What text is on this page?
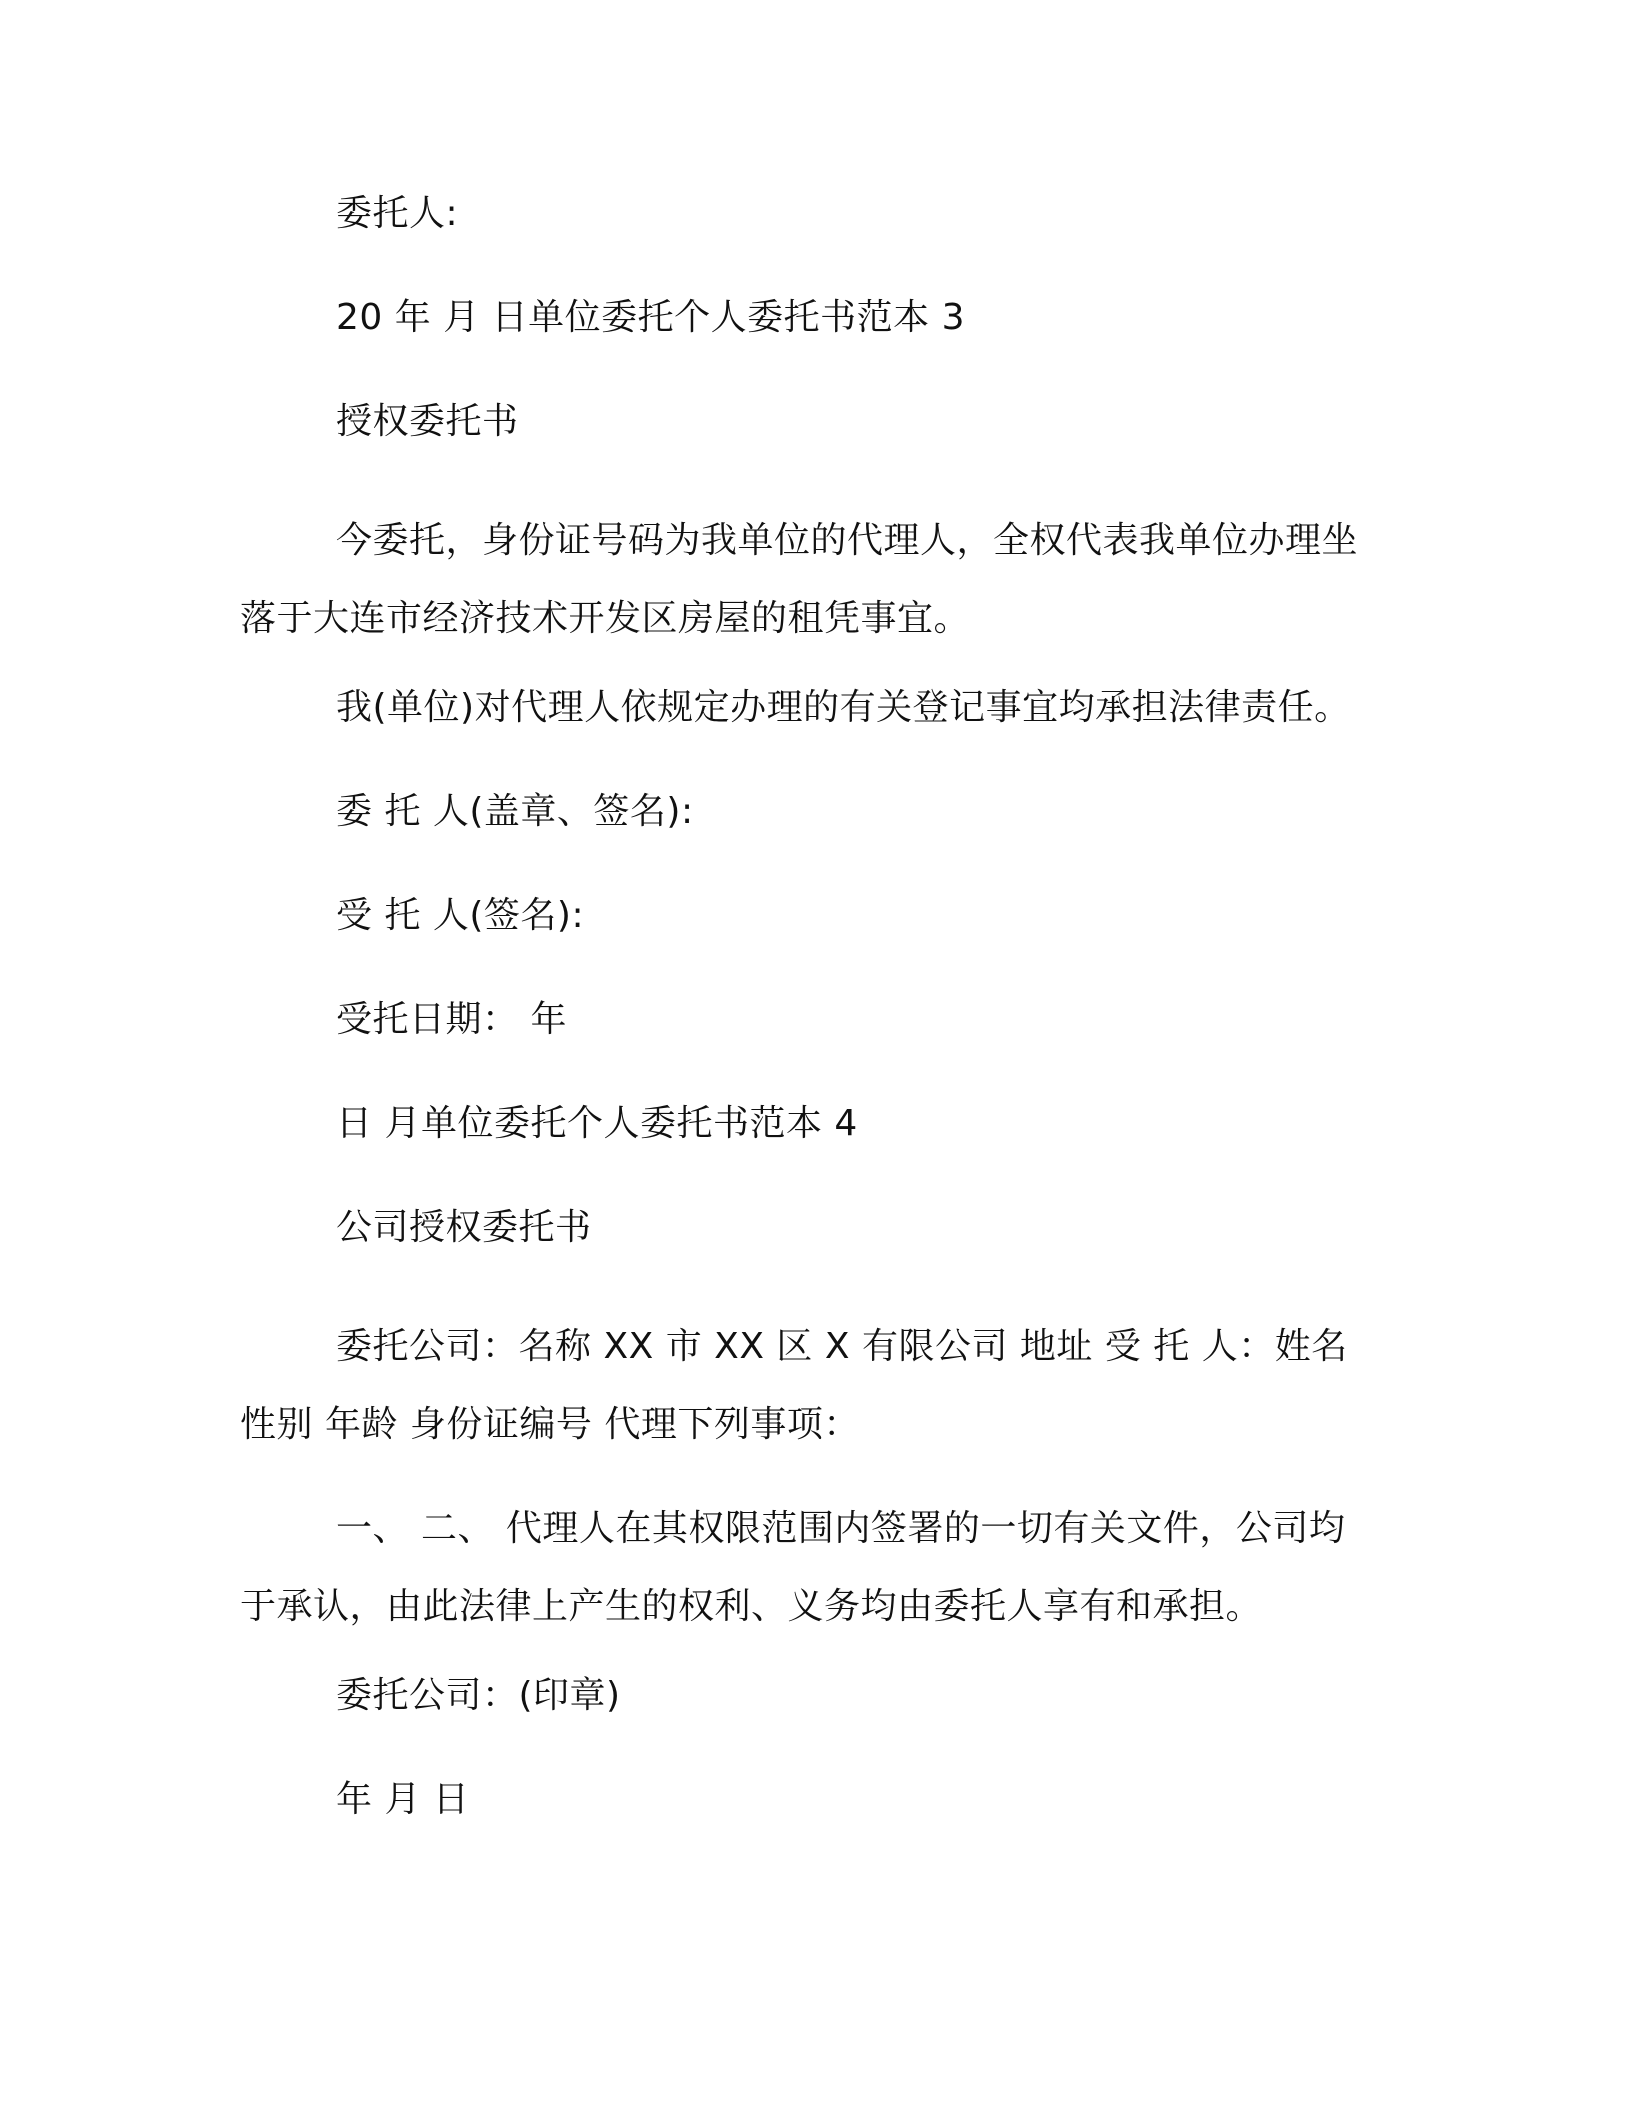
委托人:

20 年 月 日单位委托个人委托书范本 3

授权委托书

今委托，身份证号码为我单位的代理人，全权代表我单位办理坐落于大连市经济技术开发区房屋的租凭事宜。

我(单位)对代理人依规定办理的有关登记事宜均承担法律责任。

委 托 人(盖章、签名):

受 托 人(签名):

受托日期： 年

日 月单位委托个人委托书范本 4

公司授权委托书

委托公司：名称 XX 市 XX 区 X 有限公司 地址 受 托 人：姓名 性别 年龄 身份证编号 代理下列事项：

一、 二、 代理人在其权限范围内签署的一切有关文件，公司均于承认，由此法律上产生的权利、义务均由委托人享有和承担。

委托公司：(印章)

年 月 日
